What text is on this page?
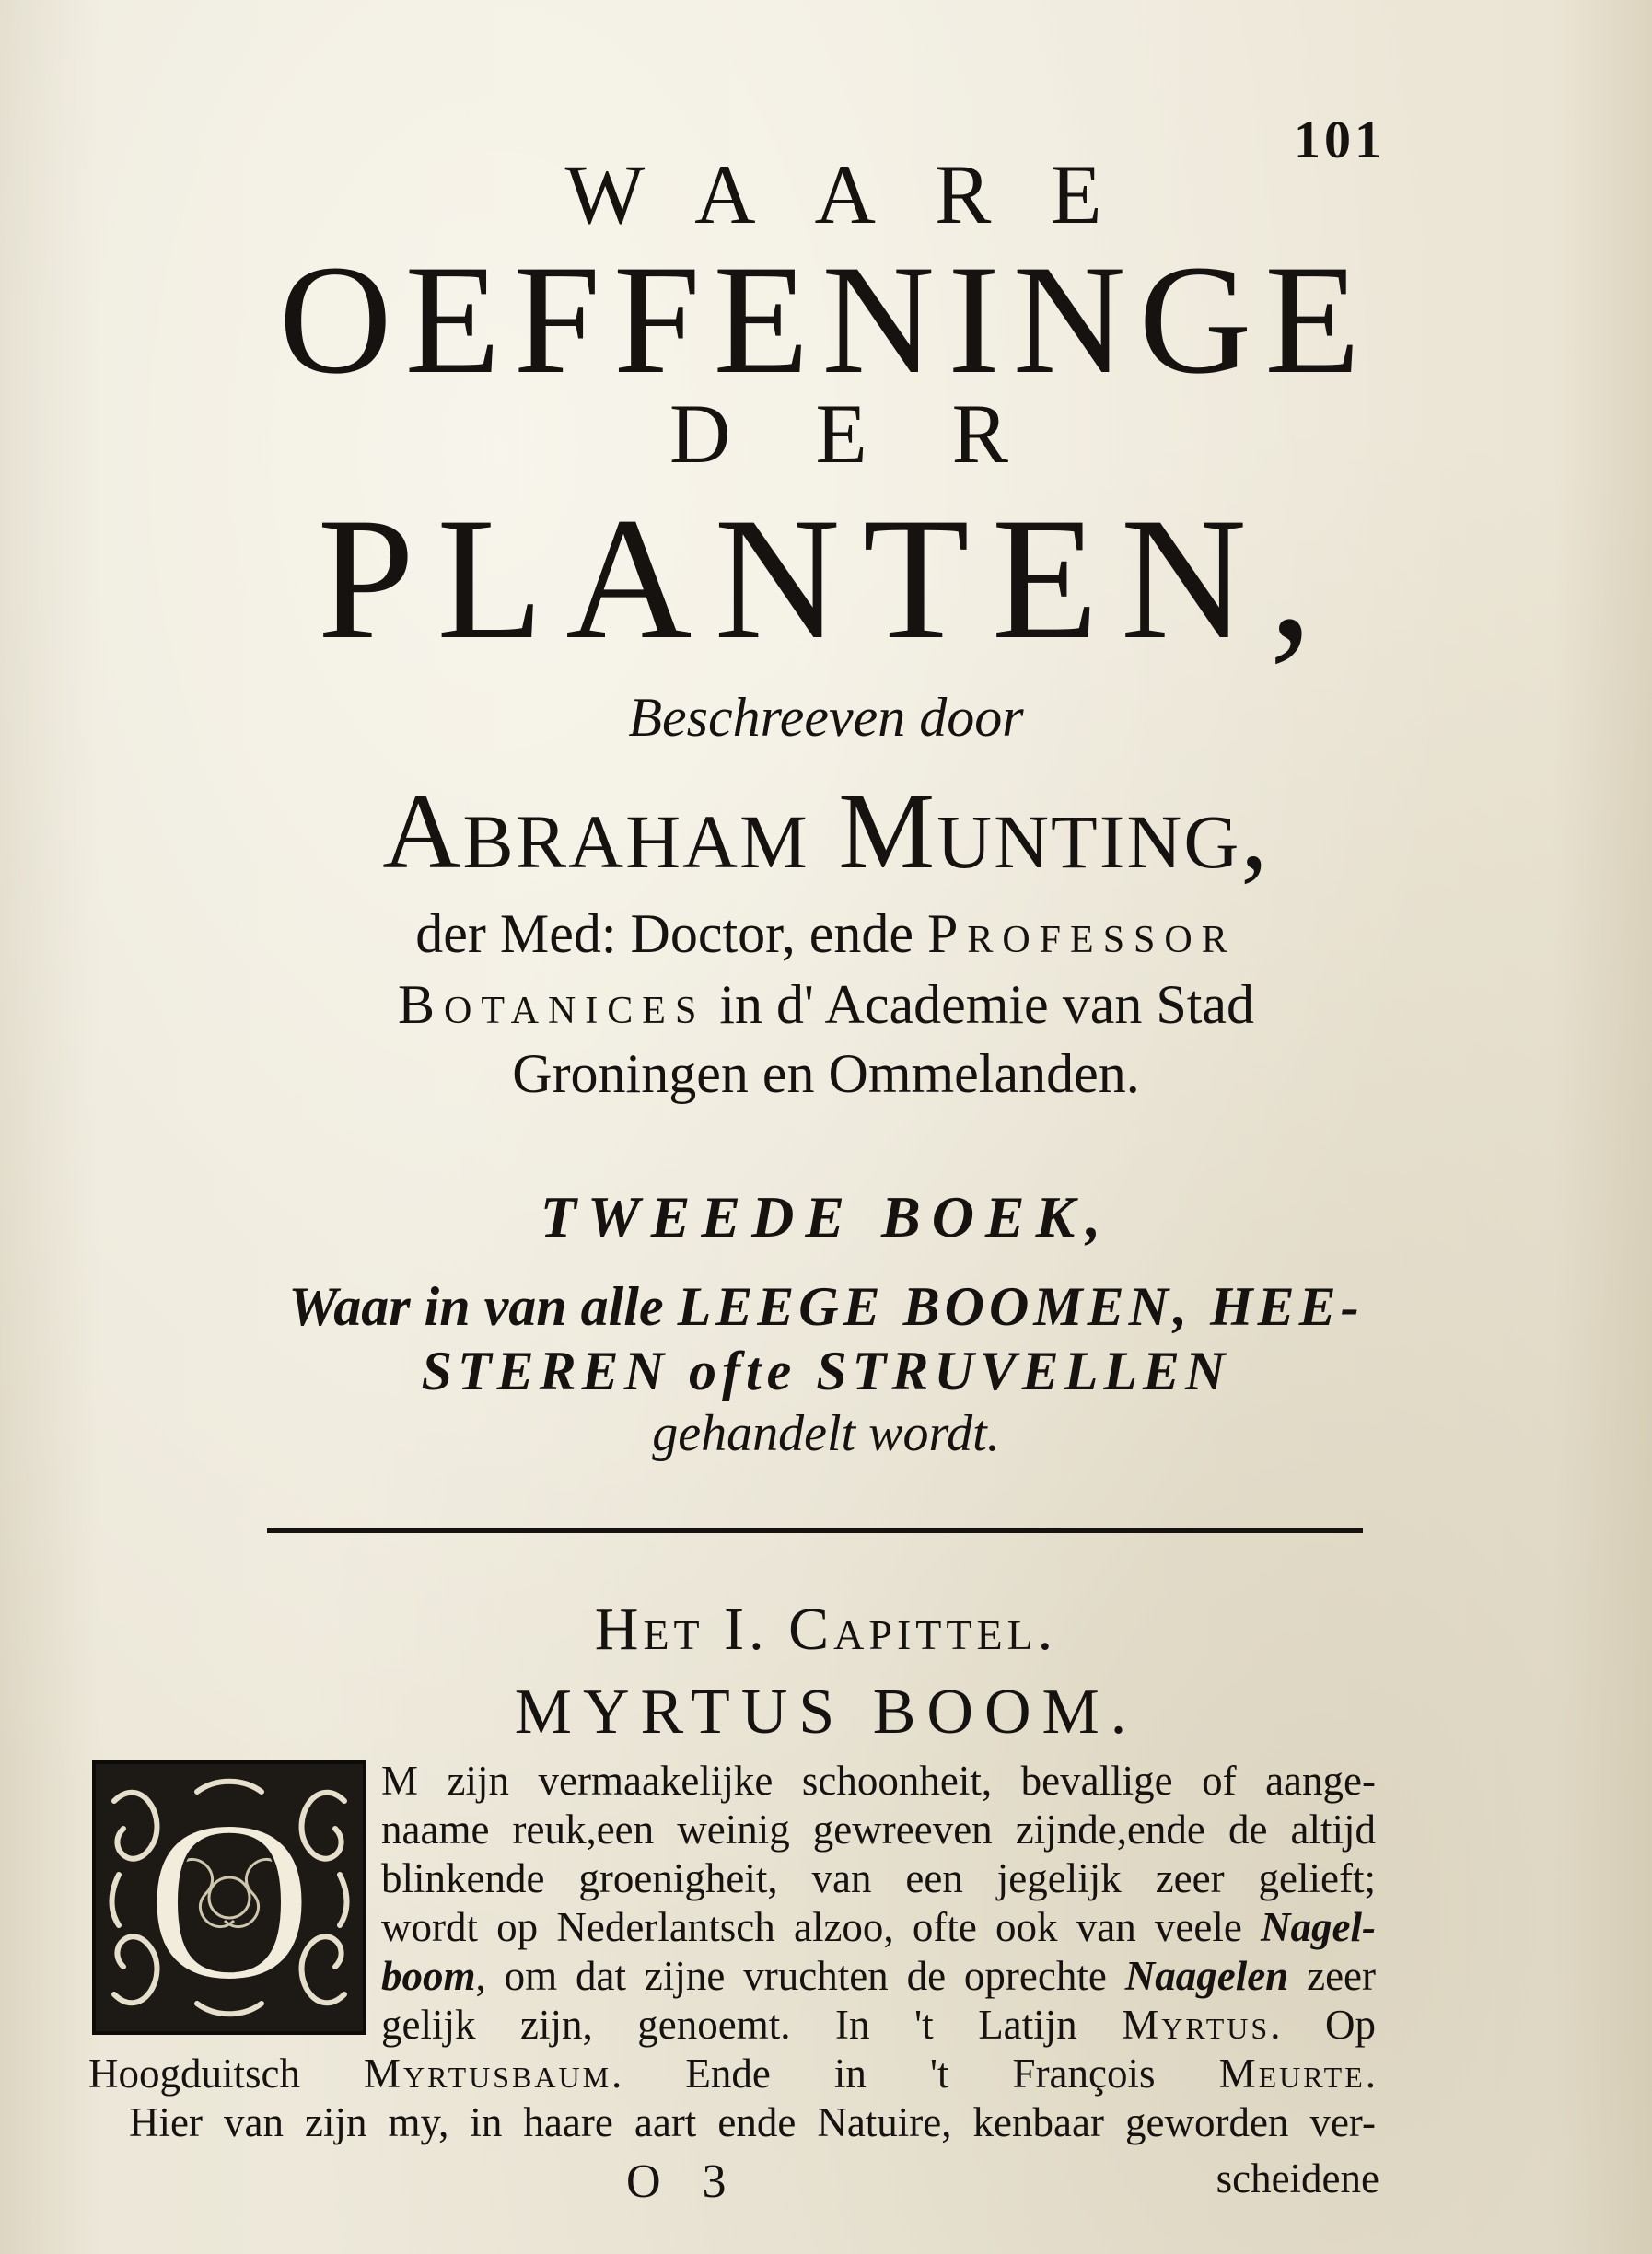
101
WAARE
OEFFENINGE
DER
PLANTEN,
Beschreeven door
Abraham Munting,
der Med: Doctor, ende Professor
Botanices in d' Academie van Stad
Groningen en Ommelanden.
TWEEDE BOEK,
Waar in van alle LEEGE BOOMEN, HEE-
STEREN ofte STRUVELLEN
gehandelt wordt.
Het I. Capittel.
MYRTUS BOOM.
O M zijn vermaakelijke schoonheit, bevallige of aange-
naame reuk,een weinig gewreeven zijnde,ende de altijd
blinkende groenigheit, van een jegelijk zeer gelieft;
wordt op Nederlantsch alzoo, ofte ook van veele Nagel-
boom, om dat zijne vruchten de oprechte Naagelen zeer
gelijk zijn, genoemt. In 't Latijn Myrtus. Op
Hoogduitsch Myrtusbaum. Ende in 't François Meurte.
Hier van zijn my, in haare aart ende Natuire, kenbaar geworden ver-
O 3	scheidene
